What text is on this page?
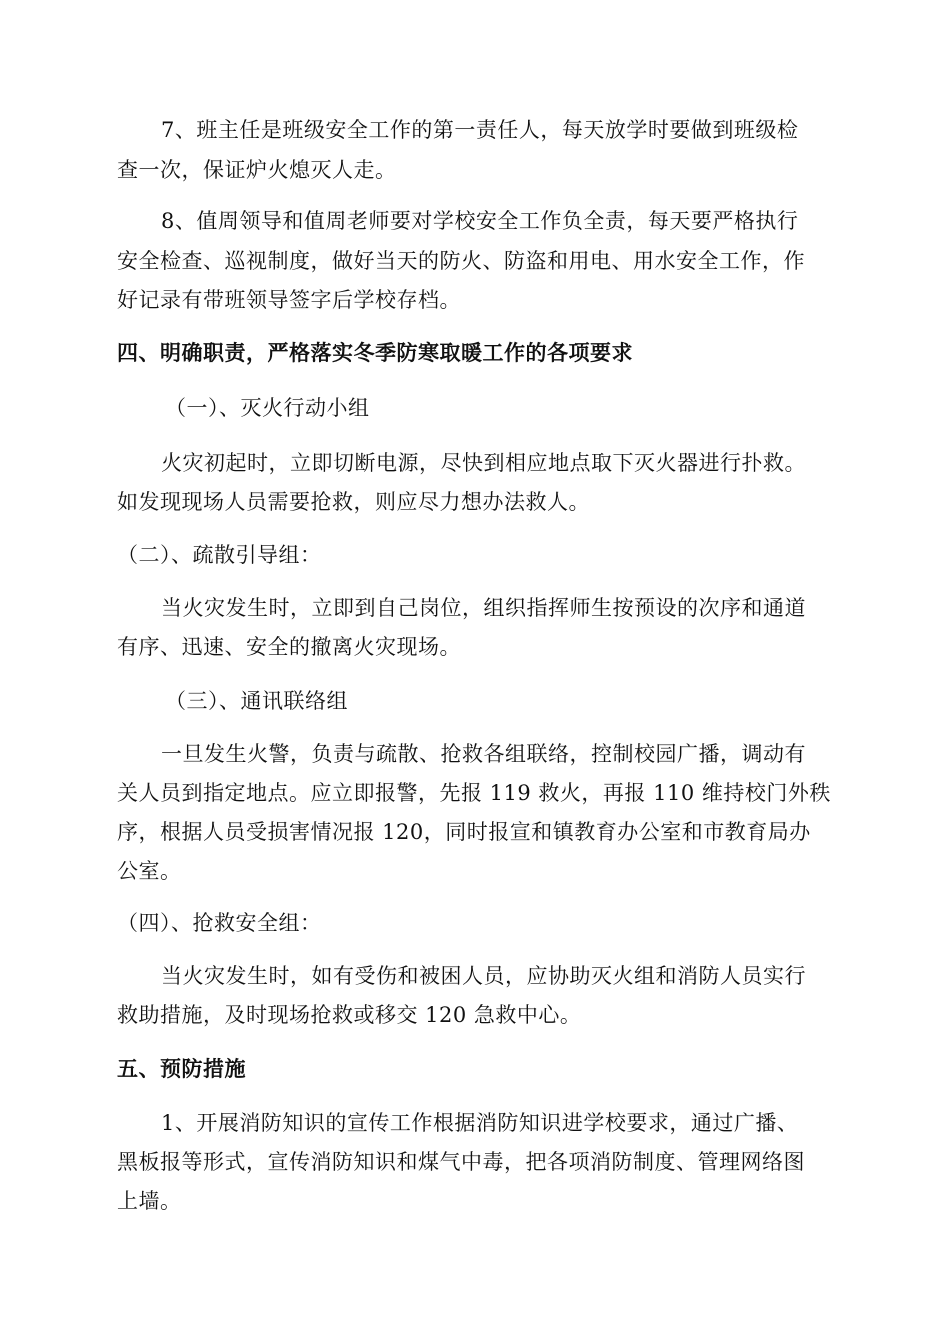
7、班主任是班级安全工作的第一责任人，每天放学时要做到班级检

查一次，保证炉火熄灭人走。

8、值周领导和值周老师要对学校安全工作负全责，每天要严格执行

安全检查、巡视制度，做好当天的防火、防盗和用电、用水安全工作，作

好记录有带班领导签字后学校存档。

四、明确职责，严格落实冬季防寒取暖工作的各项要求

（一）、灭火行动小组

火灾初起时，立即切断电源，尽快到相应地点取下灭火器进行扑救。

如发现现场人员需要抢救，则应尽力想办法救人。

（二）、疏散引导组：

当火灾发生时，立即到自己岗位，组织指挥师生按预设的次序和通道

有序、迅速、安全的撤离火灾现场。

（三）、通讯联络组

一旦发生火警，负责与疏散、抢救各组联络，控制校园广播，调动有

关人员到指定地点。应立即报警，先报 119 救火，再报 110 维持校门外秩

序，根据人员受损害情况报 120，同时报宣和镇教育办公室和市教育局办

公室。

（四）、抢救安全组：

当火灾发生时，如有受伤和被困人员，应协助灭火组和消防人员实行

救助措施，及时现场抢救或移交 120 急救中心。

五、预防措施

1、开展消防知识的宣传工作根据消防知识进学校要求，通过广播、

黑板报等形式，宣传消防知识和煤气中毒，把各项消防制度、管理网络图

上墙。
